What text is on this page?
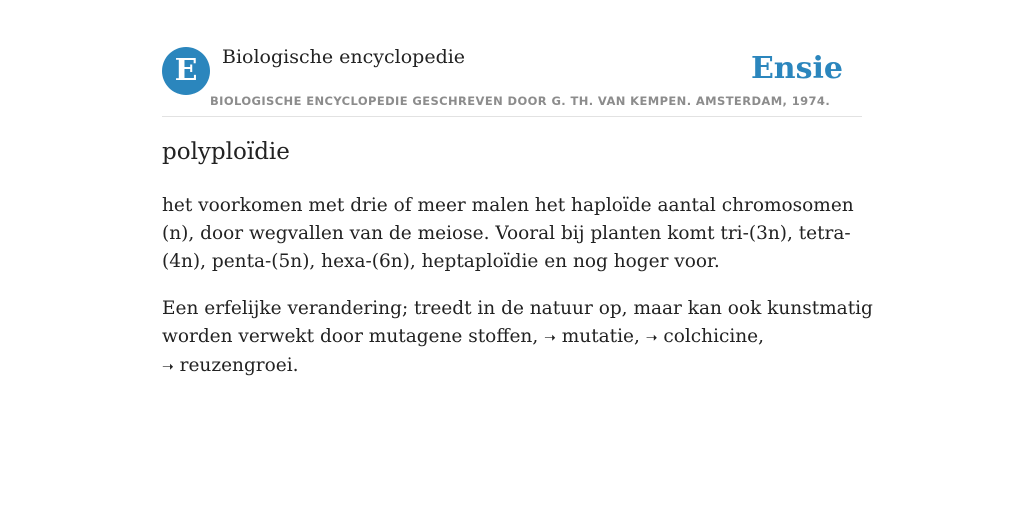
E	Biologische encyclopedie
BIOLOGISCHE ENCYCLOPEDIE GESCHREVEN DOOR G. TH. VAN KEMPEN. AMSTERDAM, 1974.
Ensie
polyploïdie

het voorkomen met drie of meer malen het haploïde aantal chromosomen (n), door wegvallen van de meiose. Vooral bij planten komt tri-(3n), tetra-(4n), penta-(5n), hexa-(6n), heptaploïdie en nog hoger voor.

Een erfelijke verandering; treedt in de natuur op, maar kan ook kunstmatig worden verwekt door mutagene stoffen, ➝ mutatie, ➝ colchicine, ➝ reuzengroei.
